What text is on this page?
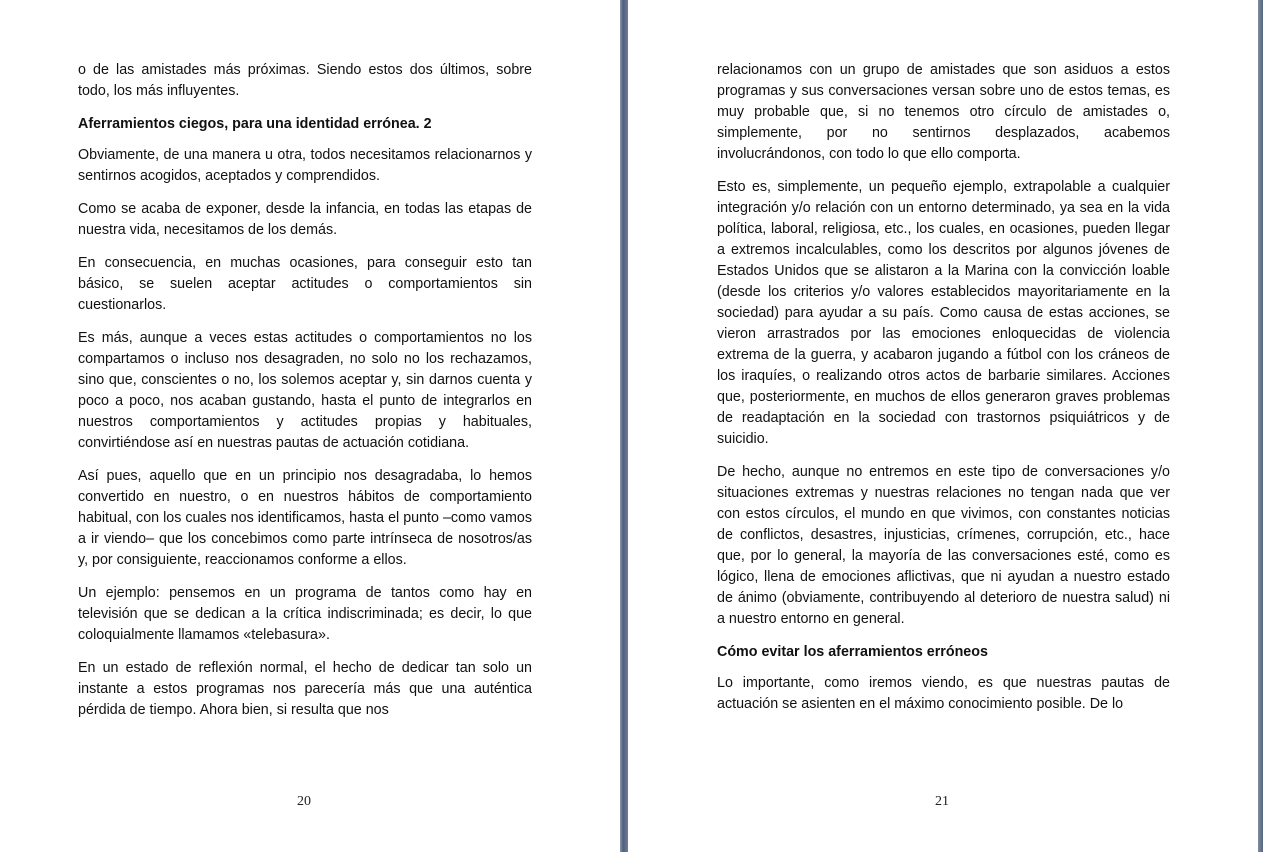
o de las amistades más próximas. Siendo estos dos últimos, sobre todo, los más influyentes.

Aferramientos ciegos, para una identidad errónea. 2

Obviamente, de una manera u otra, todos necesitamos relacionarnos y sentirnos acogidos, aceptados y comprendidos.

Como se acaba de exponer, desde la infancia, en todas las etapas de nuestra vida, necesitamos de los demás.

En consecuencia, en muchas ocasiones, para conseguir esto tan básico, se suelen aceptar actitudes o comportamientos sin cuestionarlos.

Es más, aunque a veces estas actitudes o comportamientos no los compartamos o incluso nos desagraden, no solo no los rechazamos, sino que, conscientes o no, los solemos aceptar y, sin darnos cuenta y poco a poco, nos acaban gustando, hasta el punto de integrarlos en nuestros comportamientos y actitudes propias y habituales, convirtiéndose así en nuestras pautas de actuación cotidiana.

Así pues, aquello que en un principio nos desagradaba, lo hemos convertido en nuestro, o en nuestros hábitos de comportamiento habitual, con los cuales nos identificamos, hasta el punto –como vamos a ir viendo– que los concebimos como parte intrínseca de nosotros/as y, por consiguiente, reaccionamos conforme a ellos.

Un ejemplo: pensemos en un programa de tantos como hay en televisión que se dedican a la crítica indiscriminada; es decir, lo que coloquialmente llamamos «telebasura».

En un estado de reflexión normal, el hecho de dedicar tan solo un instante a estos programas nos parecería más que una auténtica pérdida de tiempo. Ahora bien, si resulta que nos

20

relacionamos con un grupo de amistades que son asiduos a estos programas y sus conversaciones versan sobre uno de estos temas, es muy probable que, si no tenemos otro círculo de amistades o, simplemente, por no sentirnos desplazados, acabemos involucrándonos, con todo lo que ello comporta.

Esto es, simplemente, un pequeño ejemplo, extrapolable a cualquier integración y/o relación con un entorno determinado, ya sea en la vida política, laboral, religiosa, etc., los cuales, en ocasiones, pueden llegar a extremos incalculables, como los descritos por algunos jóvenes de Estados Unidos que se alistaron a la Marina con la convicción loable (desde los criterios y/o valores establecidos mayoritariamente en la sociedad) para ayudar a su país. Como causa de estas acciones, se vieron arrastrados por las emociones enloquecidas de violencia extrema de la guerra, y acabaron jugando a fútbol con los cráneos de los iraquíes, o realizando otros actos de barbarie similares. Acciones que, posteriormente, en muchos de ellos generaron graves problemas de readaptación en la sociedad con trastornos psiquiátricos y de suicidio.

De hecho, aunque no entremos en este tipo de conversaciones y/o situaciones extremas y nuestras relaciones no tengan nada que ver con estos círculos, el mundo en que vivimos, con constantes noticias de conflictos, desastres, injusticias, crímenes, corrupción, etc., hace que, por lo general, la mayoría de las conversaciones esté, como es lógico, llena de emociones aflictivas, que ni ayudan a nuestro estado de ánimo (obviamente, contribuyendo al deterioro de nuestra salud) ni a nuestro entorno en general.

Cómo evitar los aferramientos erróneos

Lo importante, como iremos viendo, es que nuestras pautas de actuación se asienten en el máximo conocimiento posible. De lo

21
